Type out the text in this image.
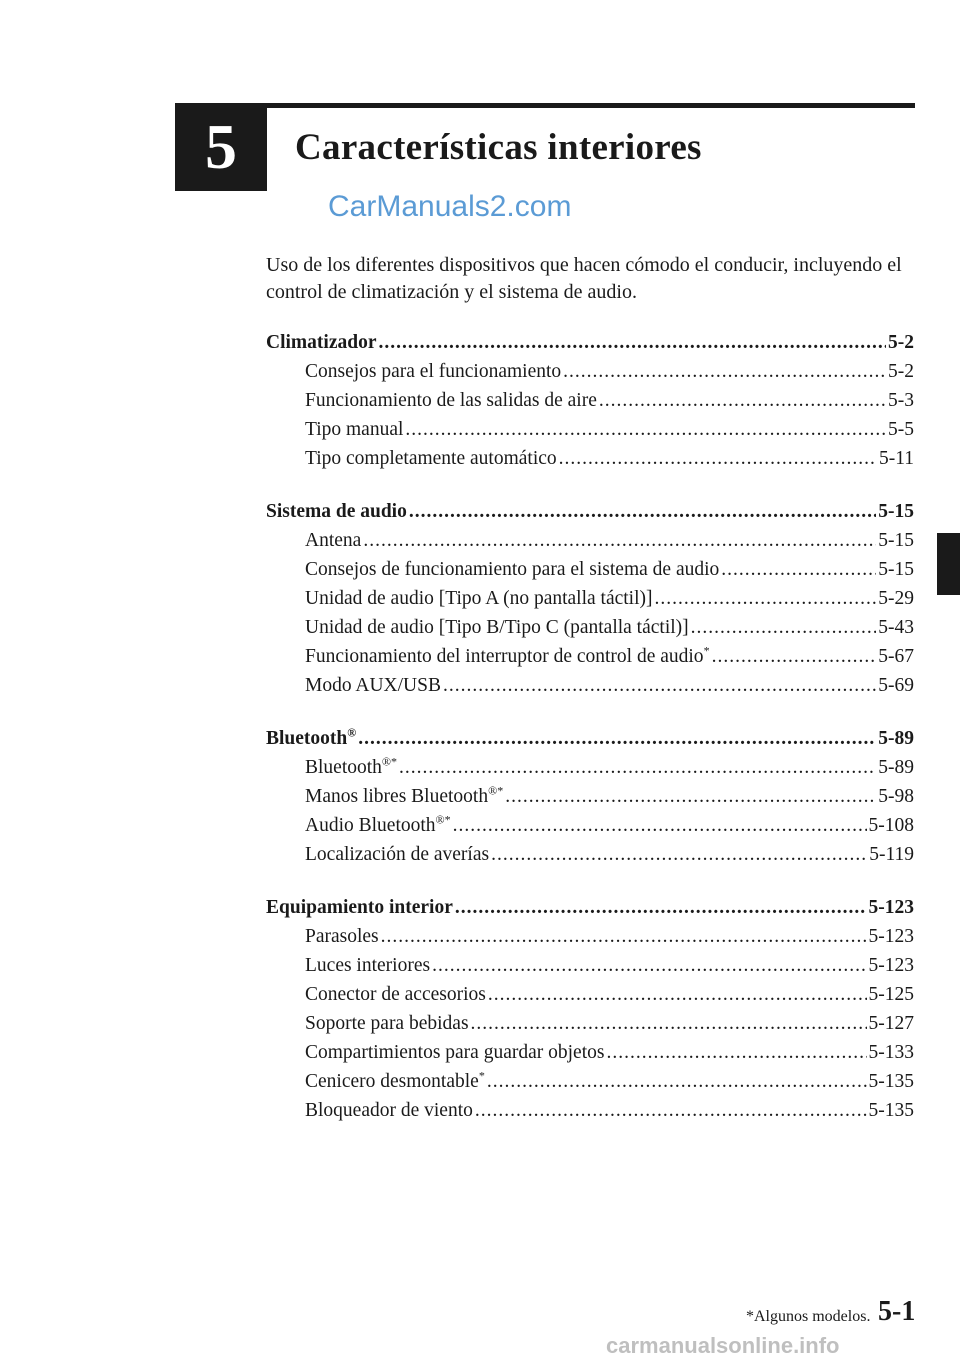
5 Características interiores
CarManuals2.com
Uso de los diferentes dispositivos que hacen cómodo el conducir, incluyendo el control de climatización y el sistema de audio.
Climatizador .....	5-2
Consejos para el funcionamiento .....	5-2
Funcionamiento de las salidas de aire .....	5-3
Tipo manual .....	5-5
Tipo completamente automático .....	5-11
Sistema de audio .....	5-15
Antena .....	5-15
Consejos de funcionamiento para el sistema de audio .....	5-15
Unidad de audio [Tipo A (no pantalla táctil)] .....	5-29
Unidad de audio [Tipo B/Tipo C (pantalla táctil)] .....	5-43
Funcionamiento del interruptor de control de audio* .....	5-67
Modo AUX/USB .....	5-69
Bluetooth® .....	5-89
Bluetooth®* .....	5-89
Manos libres Bluetooth®* .....	5-98
Audio Bluetooth®* .....	5-108
Localización de averías .....	5-119
Equipamiento interior .....	5-123
Parasoles .....	5-123
Luces interiores .....	5-123
Conector de accesorios .....	5-125
Soporte para bebidas .....	5-127
Compartimientos para guardar objetos .....	5-133
Cenicero desmontable* .....	5-135
Bloqueador de viento .....	5-135
*Algunos modelos. 5-1
carmanualsonline.info
